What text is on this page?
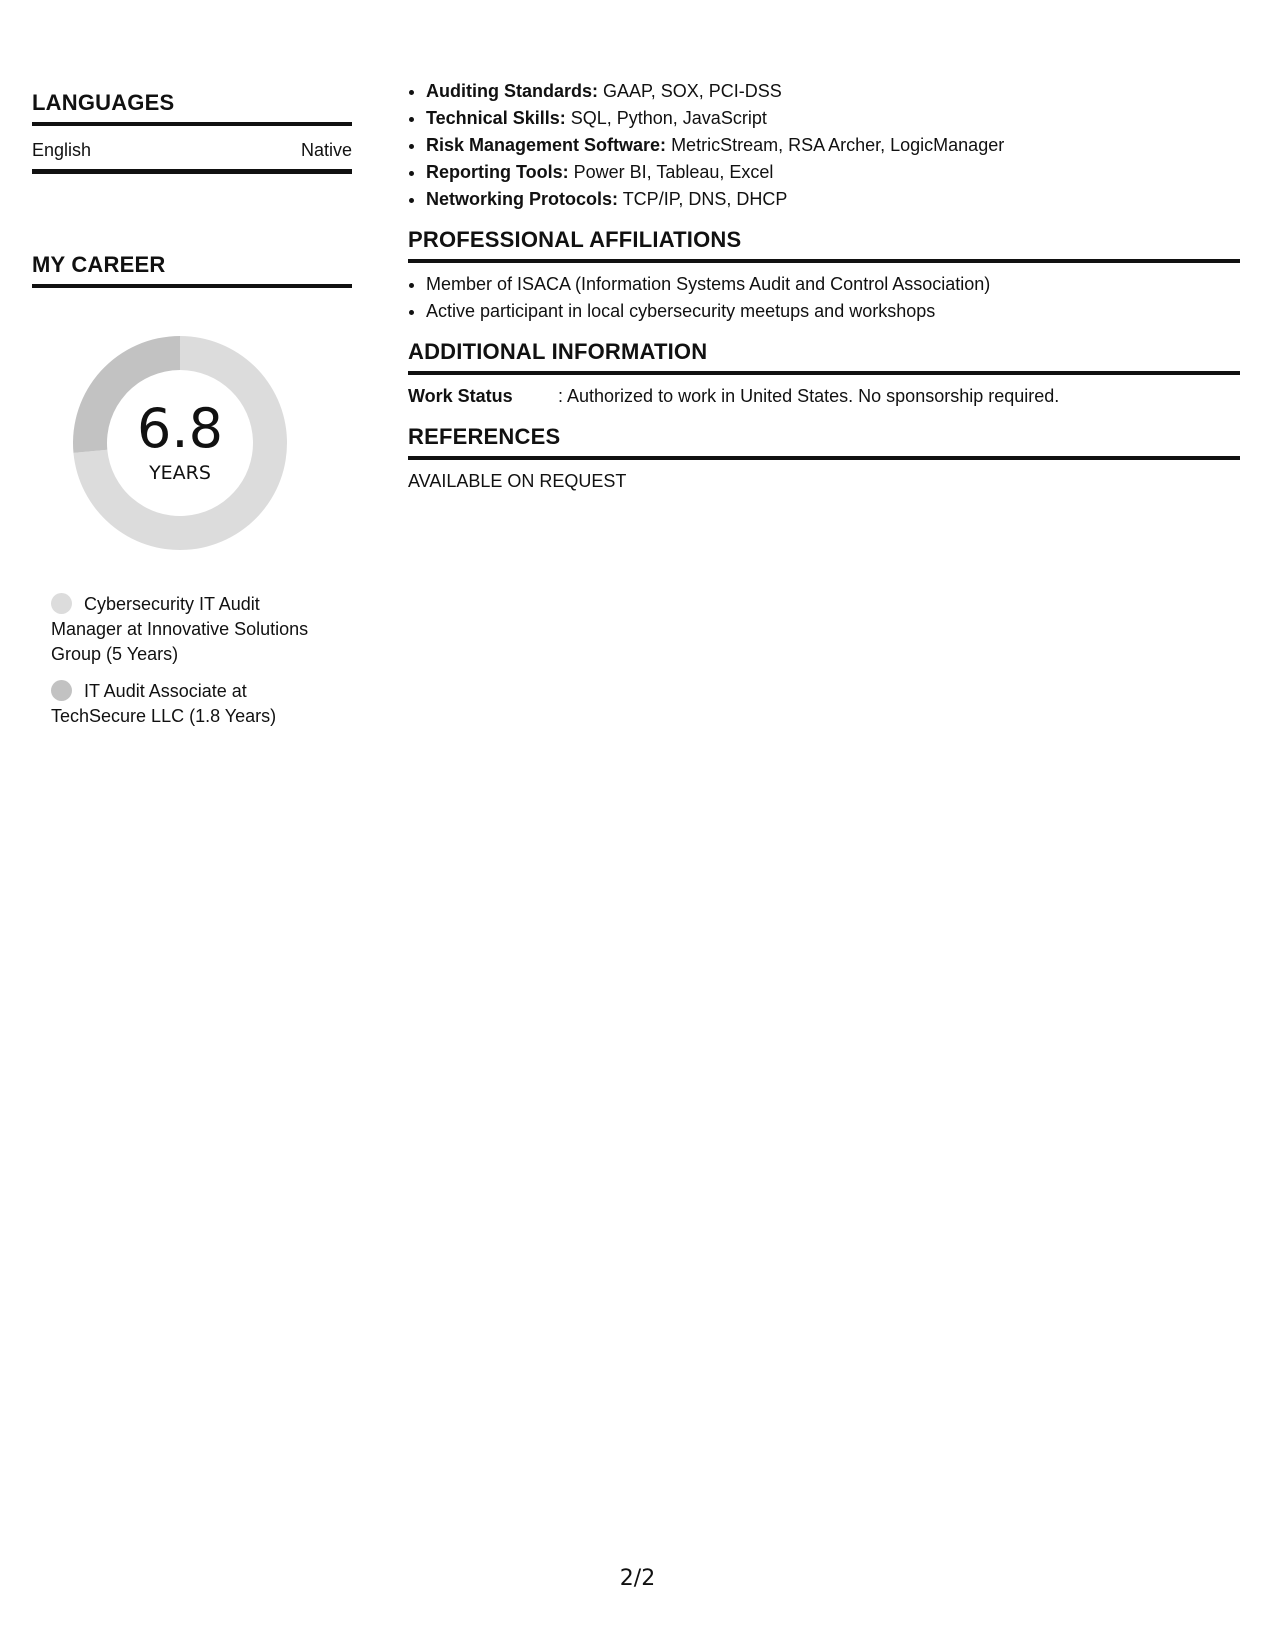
LANGUAGES
English	Native
MY CAREER
6.8
YEARS
Cybersecurity IT Audit Manager at Innovative Solutions Group (5 Years)
IT Audit Associate at TechSecure LLC (1.8 Years)
• Auditing Standards: GAAP, SOX, PCI-DSS
• Technical Skills: SQL, Python, JavaScript
• Risk Management Software: MetricStream, RSA Archer, LogicManager
• Reporting Tools: Power BI, Tableau, Excel
• Networking Protocols: TCP/IP, DNS, DHCP
PROFESSIONAL AFFILIATIONS
• Member of ISACA (Information Systems Audit and Control Association)
• Active participant in local cybersecurity meetups and workshops
ADDITIONAL INFORMATION
Work Status	: Authorized to work in United States. No sponsorship required.
REFERENCES
AVAILABLE ON REQUEST
2/2
